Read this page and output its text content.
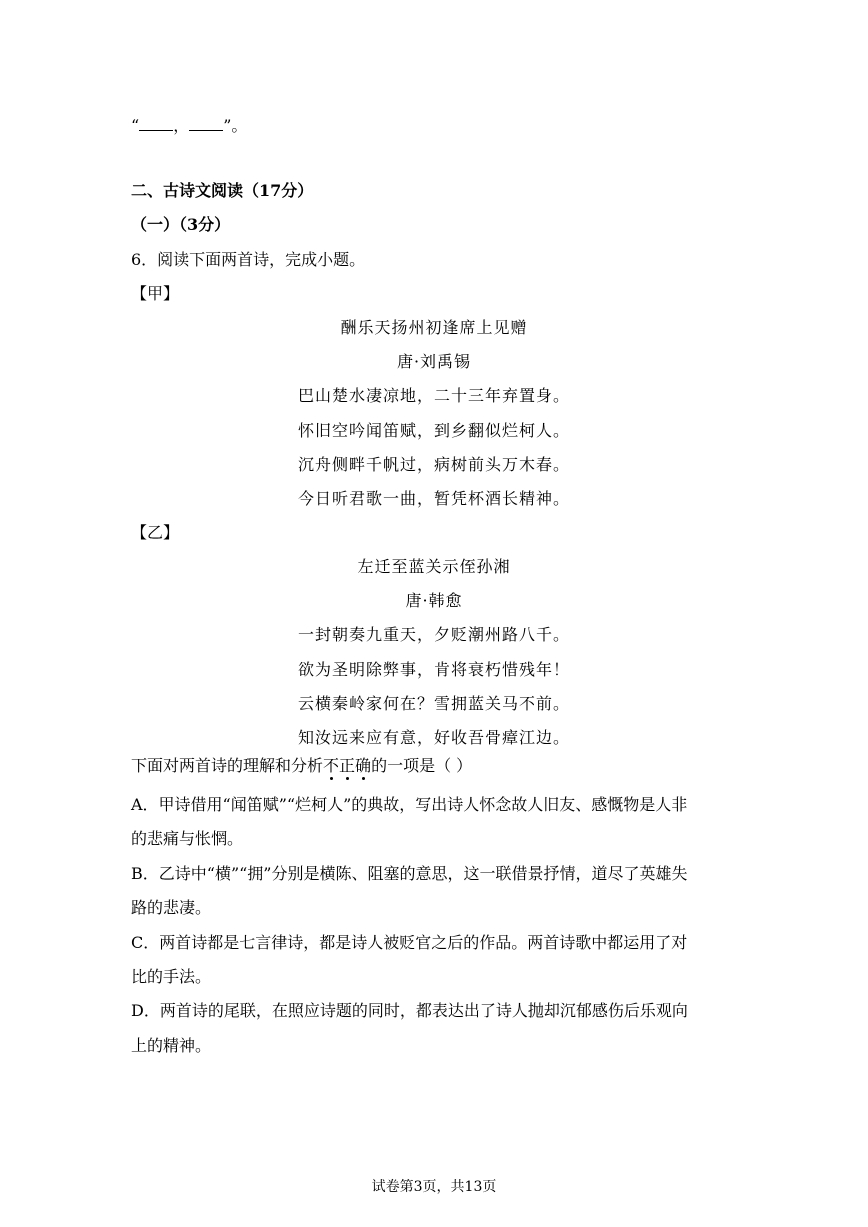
“ ， ”。
二、古诗文阅读（17分）
（一）（3分）
6．阅读下面两首诗，完成小题。
【甲】
酬乐天扬州初逢席上见赠
唐·刘禹锡
巴山楚水凄凉地，二十三年弃置身。
怀旧空吟闻笛赋，到乡翻似烂柯人。
沉舟侧畔千帆过，病树前头万木春。
今日听君歌一曲，暂凭杯酒长精神。
【乙】
左迁至蓝关示侄孙湘
唐·韩愈
一封朝奏九重天，夕贬潮州路八千。
欲为圣明除弊事，肯将衰朽惜残年！
云横秦岭家何在？雪拥蓝关马不前。
知汝远来应有意，好收吾骨瘴江边。
下面对两首诗的理解和分析不正确的一项是（ ）
A．甲诗借用“闻笛赋”“烂柯人”的典故，写出诗人怀念故人旧友、感慨物是人非
的悲痛与怅惘。
B．乙诗中“横”“拥”分别是横陈、阻塞的意思，这一联借景抒情，道尽了英雄失
路的悲凄。
C．两首诗都是七言律诗，都是诗人被贬官之后的作品。两首诗歌中都运用了对
比的手法。
D．两首诗的尾联，在照应诗题的同时，都表达出了诗人抛却沉郁感伤后乐观向
上的精神。
试卷第3页，共13页
